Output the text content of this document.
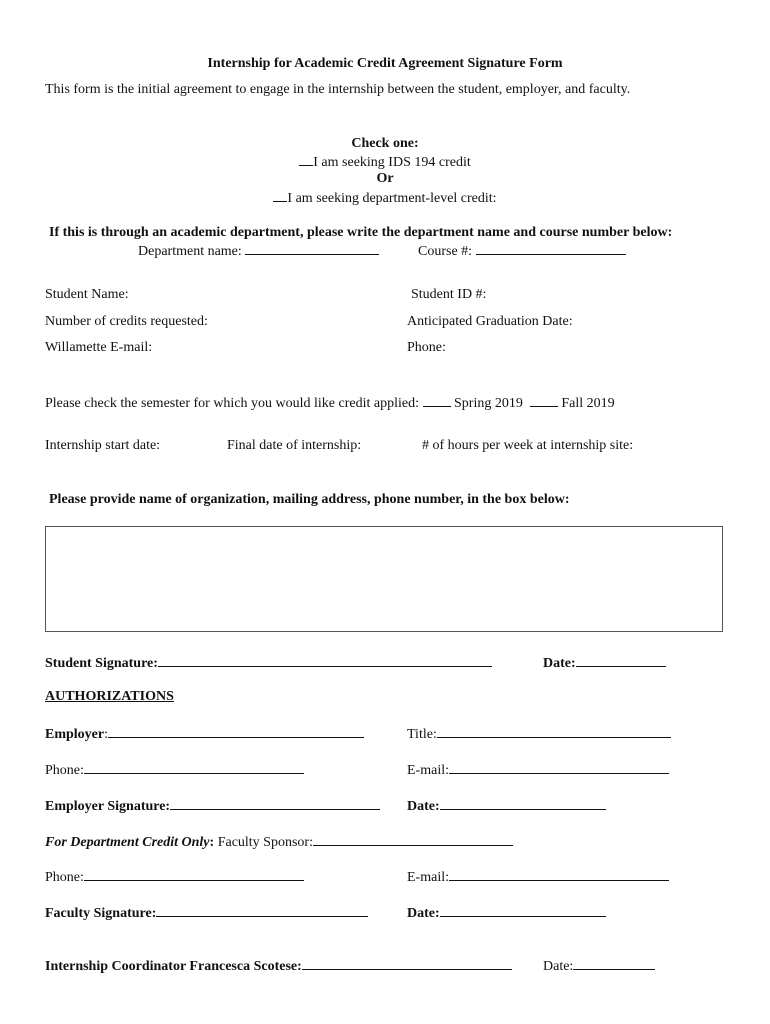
Internship for Academic Credit Agreement Signature Form
This form is the initial agreement to engage in the internship between the student, employer, and faculty.
Check one:
I am seeking IDS 194 credit
Or
I am seeking department-level credit:
If this is through an academic department, please write the department name and course number below:
Department name:	Course #:
Student Name:	Student ID #:
Number of credits requested:	Anticipated Graduation Date:
Willamette E-mail:	Phone:
Please check the semester for which you would like credit applied:	Spring 2019	Fall 2019
Internship start date:	Final date of internship:	# of hours per week at internship site:
Please provide name of organization, mailing address, phone number, in the box below:
Student Signature:	Date:
AUTHORIZATIONS
Employer:	Title:
Phone:	E-mail:
Employer Signature:	Date:
For Department Credit Only: Faculty Sponsor:
Phone:	E-mail:
Faculty Signature:	Date:
Internship Coordinator Francesca Scotese:	Date:
